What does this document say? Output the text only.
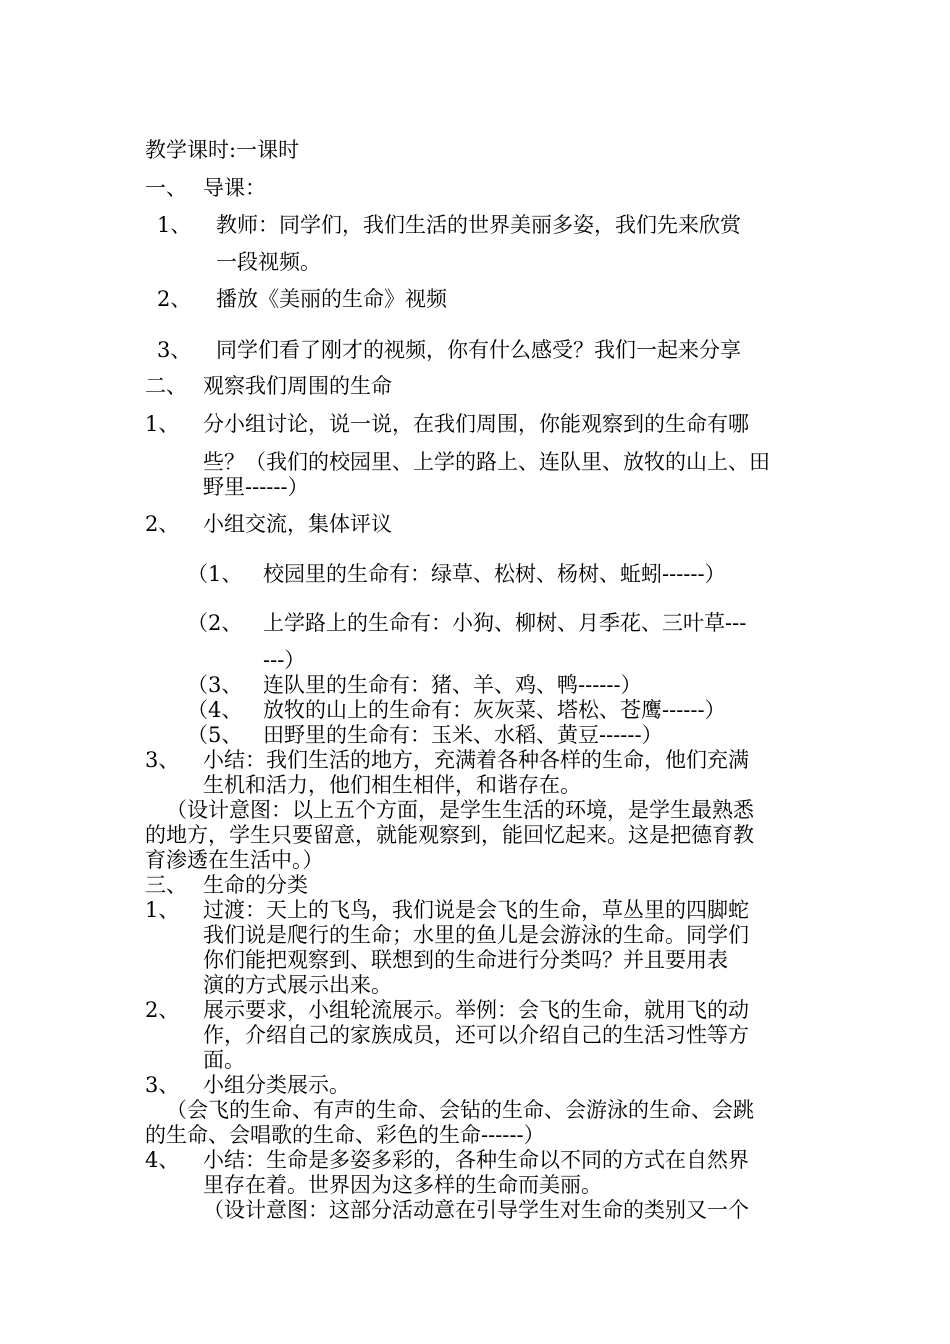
教学课时:一课时
一、 导课：
1、 教师：同学们，我们生活的世界美丽多姿，我们先来欣赏
一段视频。
2、 播放《美丽的生命》视频
3、 同学们看了刚才的视频，你有什么感受？我们一起来分享
二、 观察我们周围的生命
1、 分小组讨论，说一说，在我们周围，你能观察到的生命有哪
些？（我们的校园里、上学的路上、连队里、放牧的山上、田
野里------）
2、 小组交流，集体评议
（1、 校园里的生命有：绿草、松树、杨树、蚯蚓------）
（2、 上学路上的生命有：小狗、柳树、月季花、三叶草---
---）
（3、 连队里的生命有：猪、羊、鸡、鸭------）
（4、 放牧的山上的生命有：灰灰菜、塔松、苍鹰------）
（5、 田野里的生命有：玉米、水稻、黄豆------）
3、 小结：我们生活的地方，充满着各种各样的生命，他们充满
生机和活力，他们相生相伴，和谐存在。
（设计意图：以上五个方面，是学生生活的环境，是学生最熟悉
的地方，学生只要留意，就能观察到，能回忆起来。这是把德育教
育渗透在生活中。）
三、 生命的分类
1、 过渡：天上的飞鸟，我们说是会飞的生命，草丛里的四脚蛇
我们说是爬行的生命；水里的鱼儿是会游泳的生命。同学们
你们能把观察到、联想到的生命进行分类吗？并且要用表
演的方式展示出来。
2、 展示要求，小组轮流展示。举例：会飞的生命，就用飞的动
作，介绍自己的家族成员，还可以介绍自己的生活习性等方
面。
3、 小组分类展示。
（会飞的生命、有声的生命、会钻的生命、会游泳的生命、会跳
的生命、会唱歌的生命、彩色的生命------）
4、 小结：生命是多姿多彩的，各种生命以不同的方式在自然界
里存在着。世界因为这多样的生命而美丽。
（设计意图：这部分活动意在引导学生对生命的类别又一个
